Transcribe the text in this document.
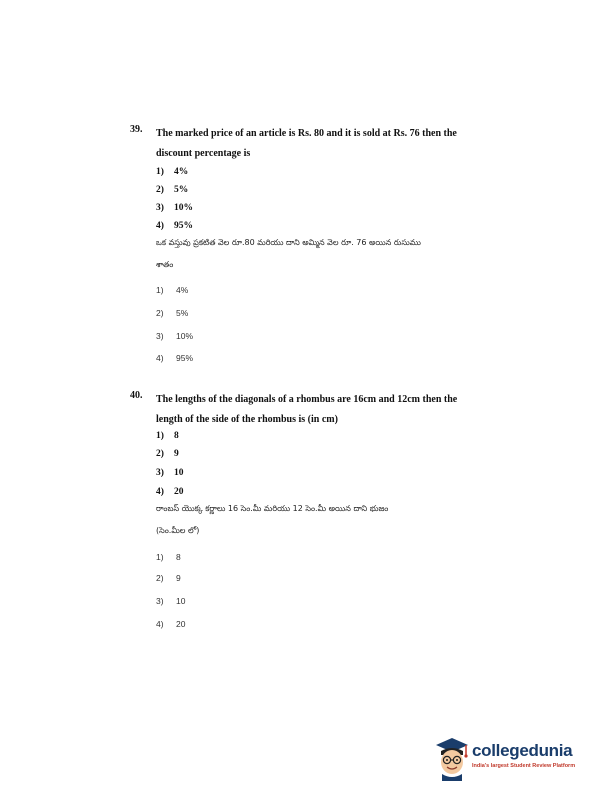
39. The marked price of an article is Rs. 80 and it is sold at Rs. 76 then the
discount percentage is
1) 4%
2) 5%
3) 10%
4) 95%
ఒక వస్తువు ప్రకటిత వెల రూ.80 మరియు దాని అమ్మిన వెల రూ. 76 అయిన రుసుము
శాతం
1) 4%
2) 5%
3) 10%
4) 95%
40. The lengths of the diagonals of a rhombus are 16cm and 12cm then the
length of the side of the rhombus is (in cm)
1) 8
2) 9
3) 10
4) 20
రాంబస్ యొక్క కర్ణాలు 16 సెం.మీ మరియు 12 సెం.మీ అయిన దాని భుజం
(సెం.మీల లో)
1) 8
2) 9
3) 10
4) 20
collegedunia
India's largest Student Review Platform
